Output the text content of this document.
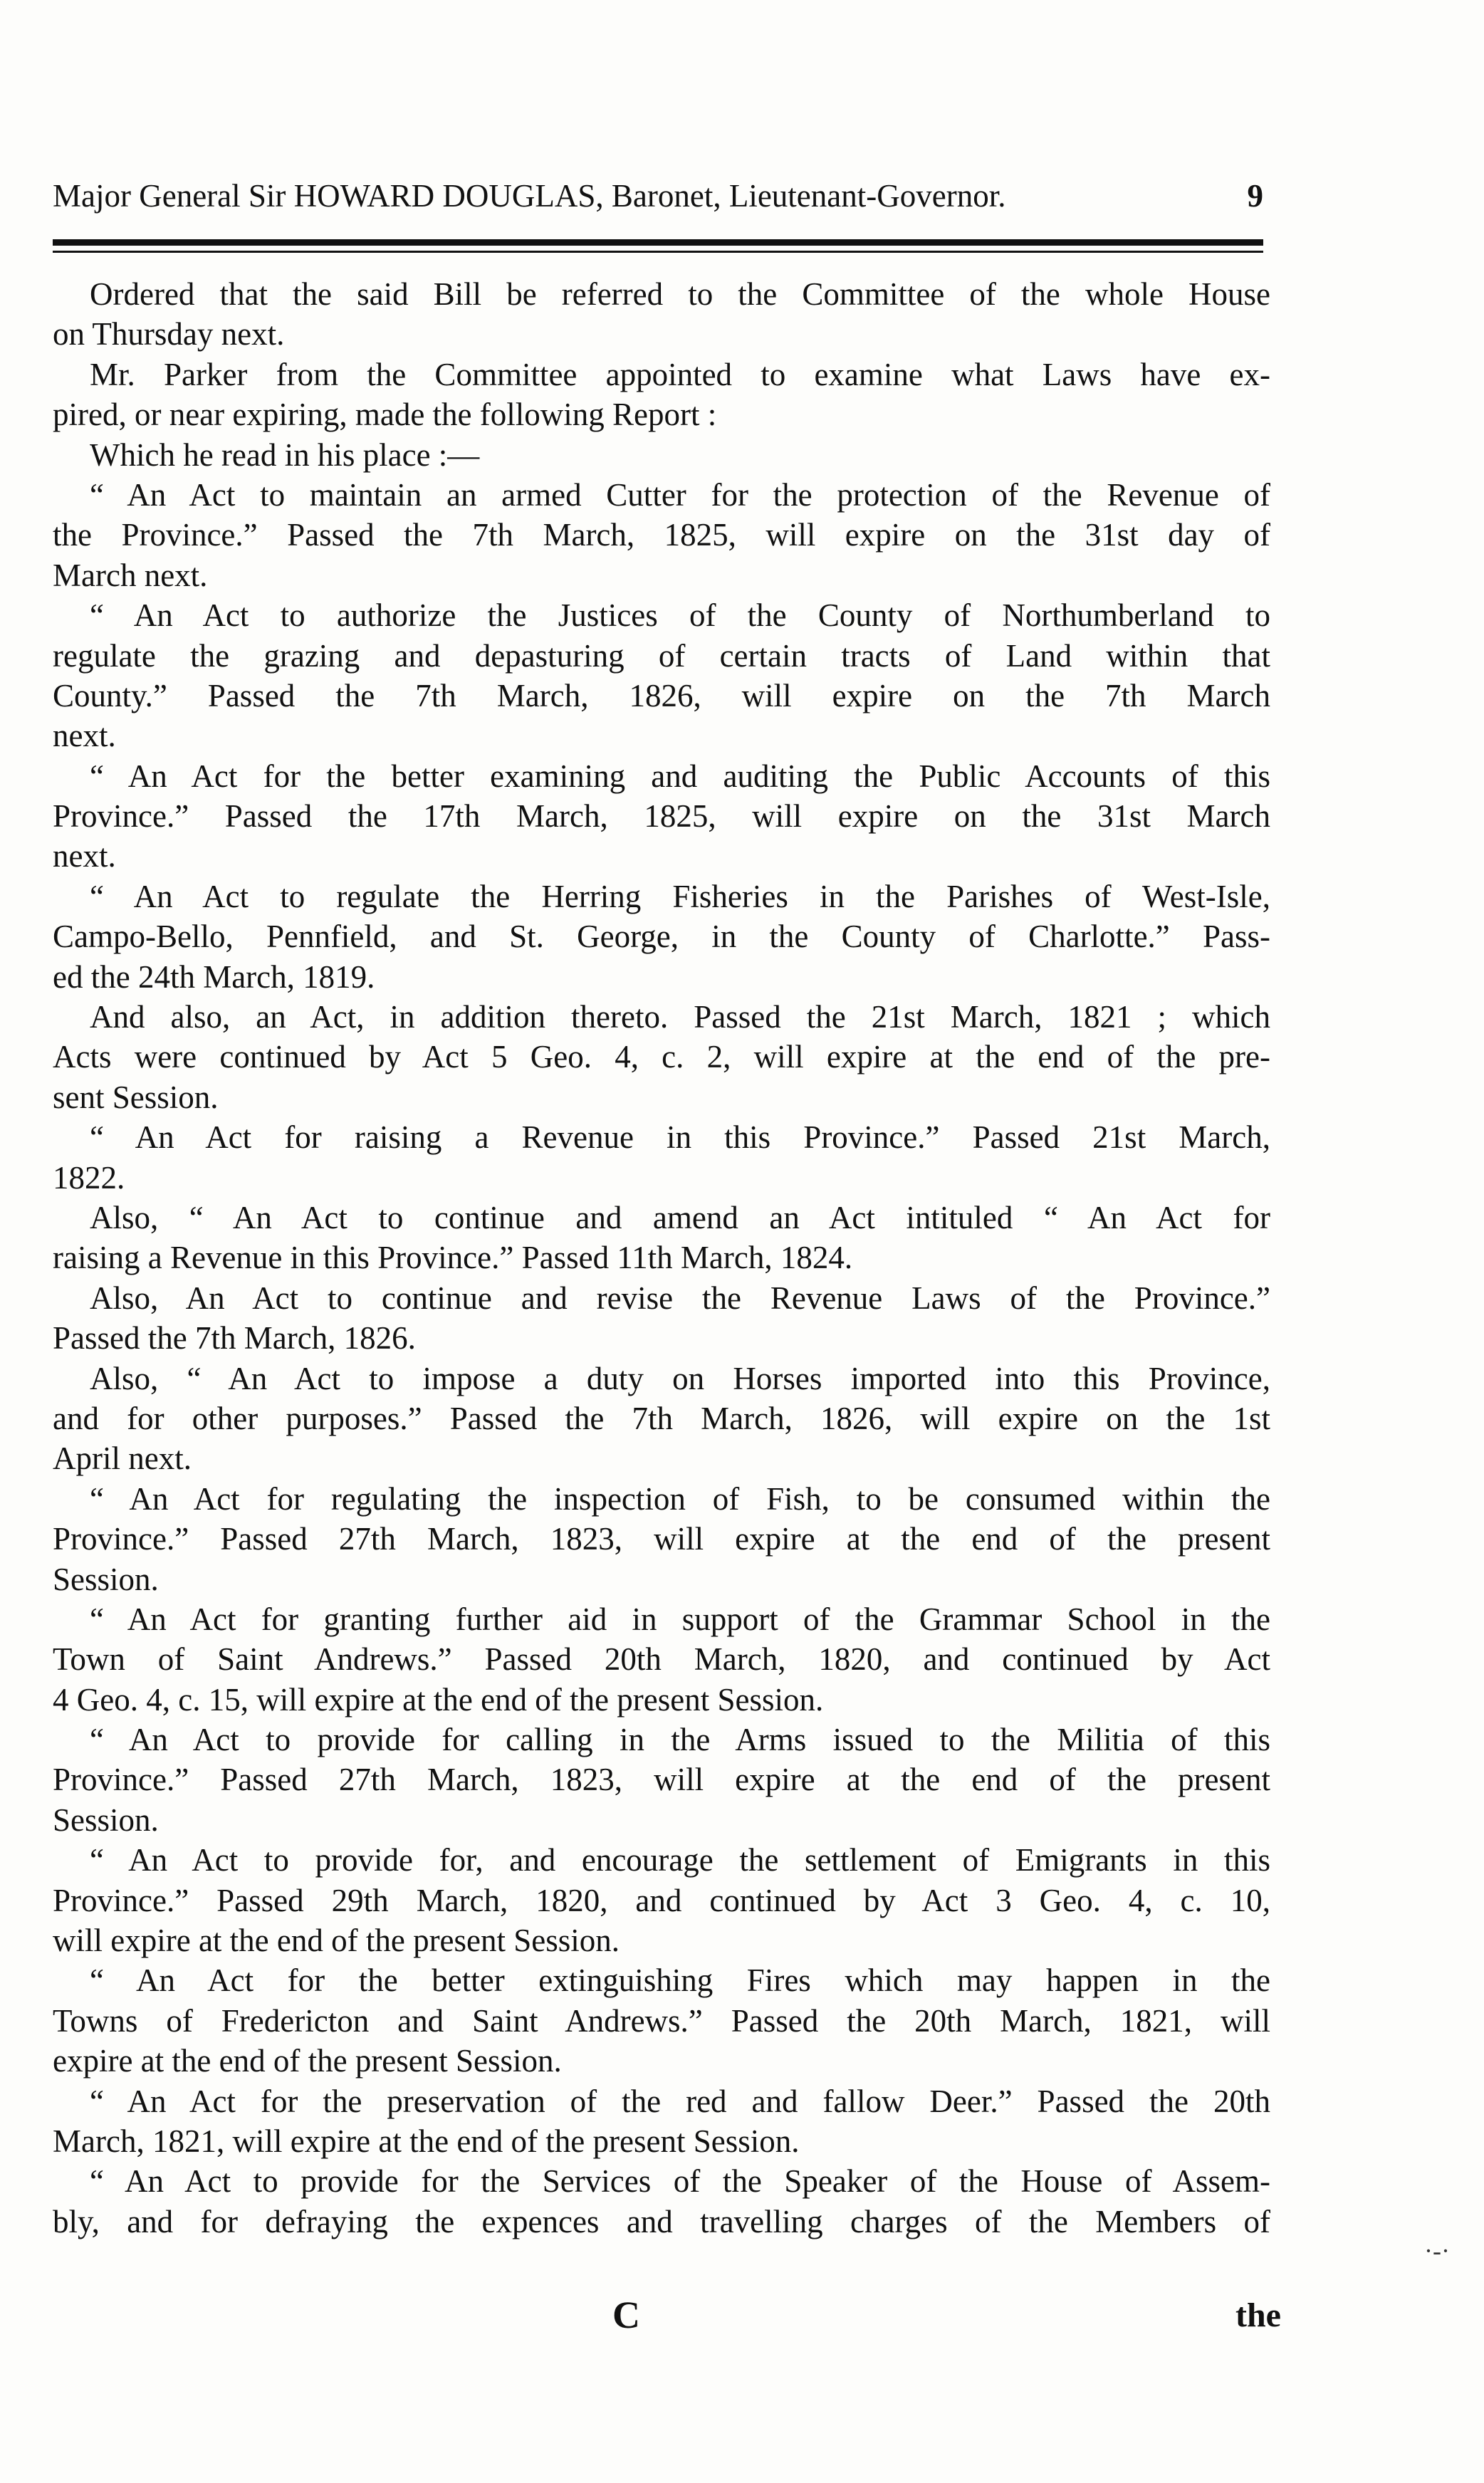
Major General Sir HOWARD DOUGLAS, Baronet, Lieutenant-Governor.	9
Ordered that the said Bill be referred to the Committee of the whole House
on Thursday next.
Mr. Parker from the Committee appointed to examine what Laws have ex-
pired, or near expiring, made the following Report :
Which he read in his place :—
“ An Act to maintain an armed Cutter for the protection of the Revenue of
the Province.” Passed the 7th March, 1825, will expire on the 31st day of
March next.
“ An Act to authorize the Justices of the County of Northumberland to
regulate the grazing and depasturing of certain tracts of Land within that
County.” Passed the 7th March, 1826, will expire on the 7th March
next.
“ An Act for the better examining and auditing the Public Accounts of this
Province.” Passed the 17th March, 1825, will expire on the 31st March
next.
“ An Act to regulate the Herring Fisheries in the Parishes of West-Isle,
Campo-Bello, Pennfield, and St. George, in the County of Charlotte.” Pass-
ed the 24th March, 1819.
And also, an Act, in addition thereto. Passed the 21st March, 1821 ; which
Acts were continued by Act 5 Geo. 4, c. 2, will expire at the end of the pre-
sent Session.
“ An Act for raising a Revenue in this Province.” Passed 21st March,
1822.
Also, “ An Act to continue and amend an Act intituled “ An Act for
raising a Revenue in this Province.” Passed 11th March, 1824.
Also, An Act to continue and revise the Revenue Laws of the Province.”
Passed the 7th March, 1826.
Also, “ An Act to impose a duty on Horses imported into this Province,
and for other purposes.” Passed the 7th March, 1826, will expire on the 1st
April next.
“ An Act for regulating the inspection of Fish, to be consumed within the
Province.” Passed 27th March, 1823, will expire at the end of the present
Session.
“ An Act for granting further aid in support of the Grammar School in the
Town of Saint Andrews.” Passed 20th March, 1820, and continued by Act
4 Geo. 4, c. 15, will expire at the end of the present Session.
“ An Act to provide for calling in the Arms issued to the Militia of this
Province.” Passed 27th March, 1823, will expire at the end of the present
Session.
“ An Act to provide for, and encourage the settlement of Emigrants in this
Province.” Passed 29th March, 1820, and continued by Act 3 Geo. 4, c. 10,
will expire at the end of the present Session.
“ An Act for the better extinguishing Fires which may happen in the
Towns of Fredericton and Saint Andrews.” Passed the 20th March, 1821, will
expire at the end of the present Session.
“ An Act for the preservation of the red and fallow Deer.” Passed the 20th
March, 1821, will expire at the end of the present Session.
“ An Act to provide for the Services of the Speaker of the House of Assem-
bly, and for defraying the expences and travelling charges of the Members of
C	the
·-·
